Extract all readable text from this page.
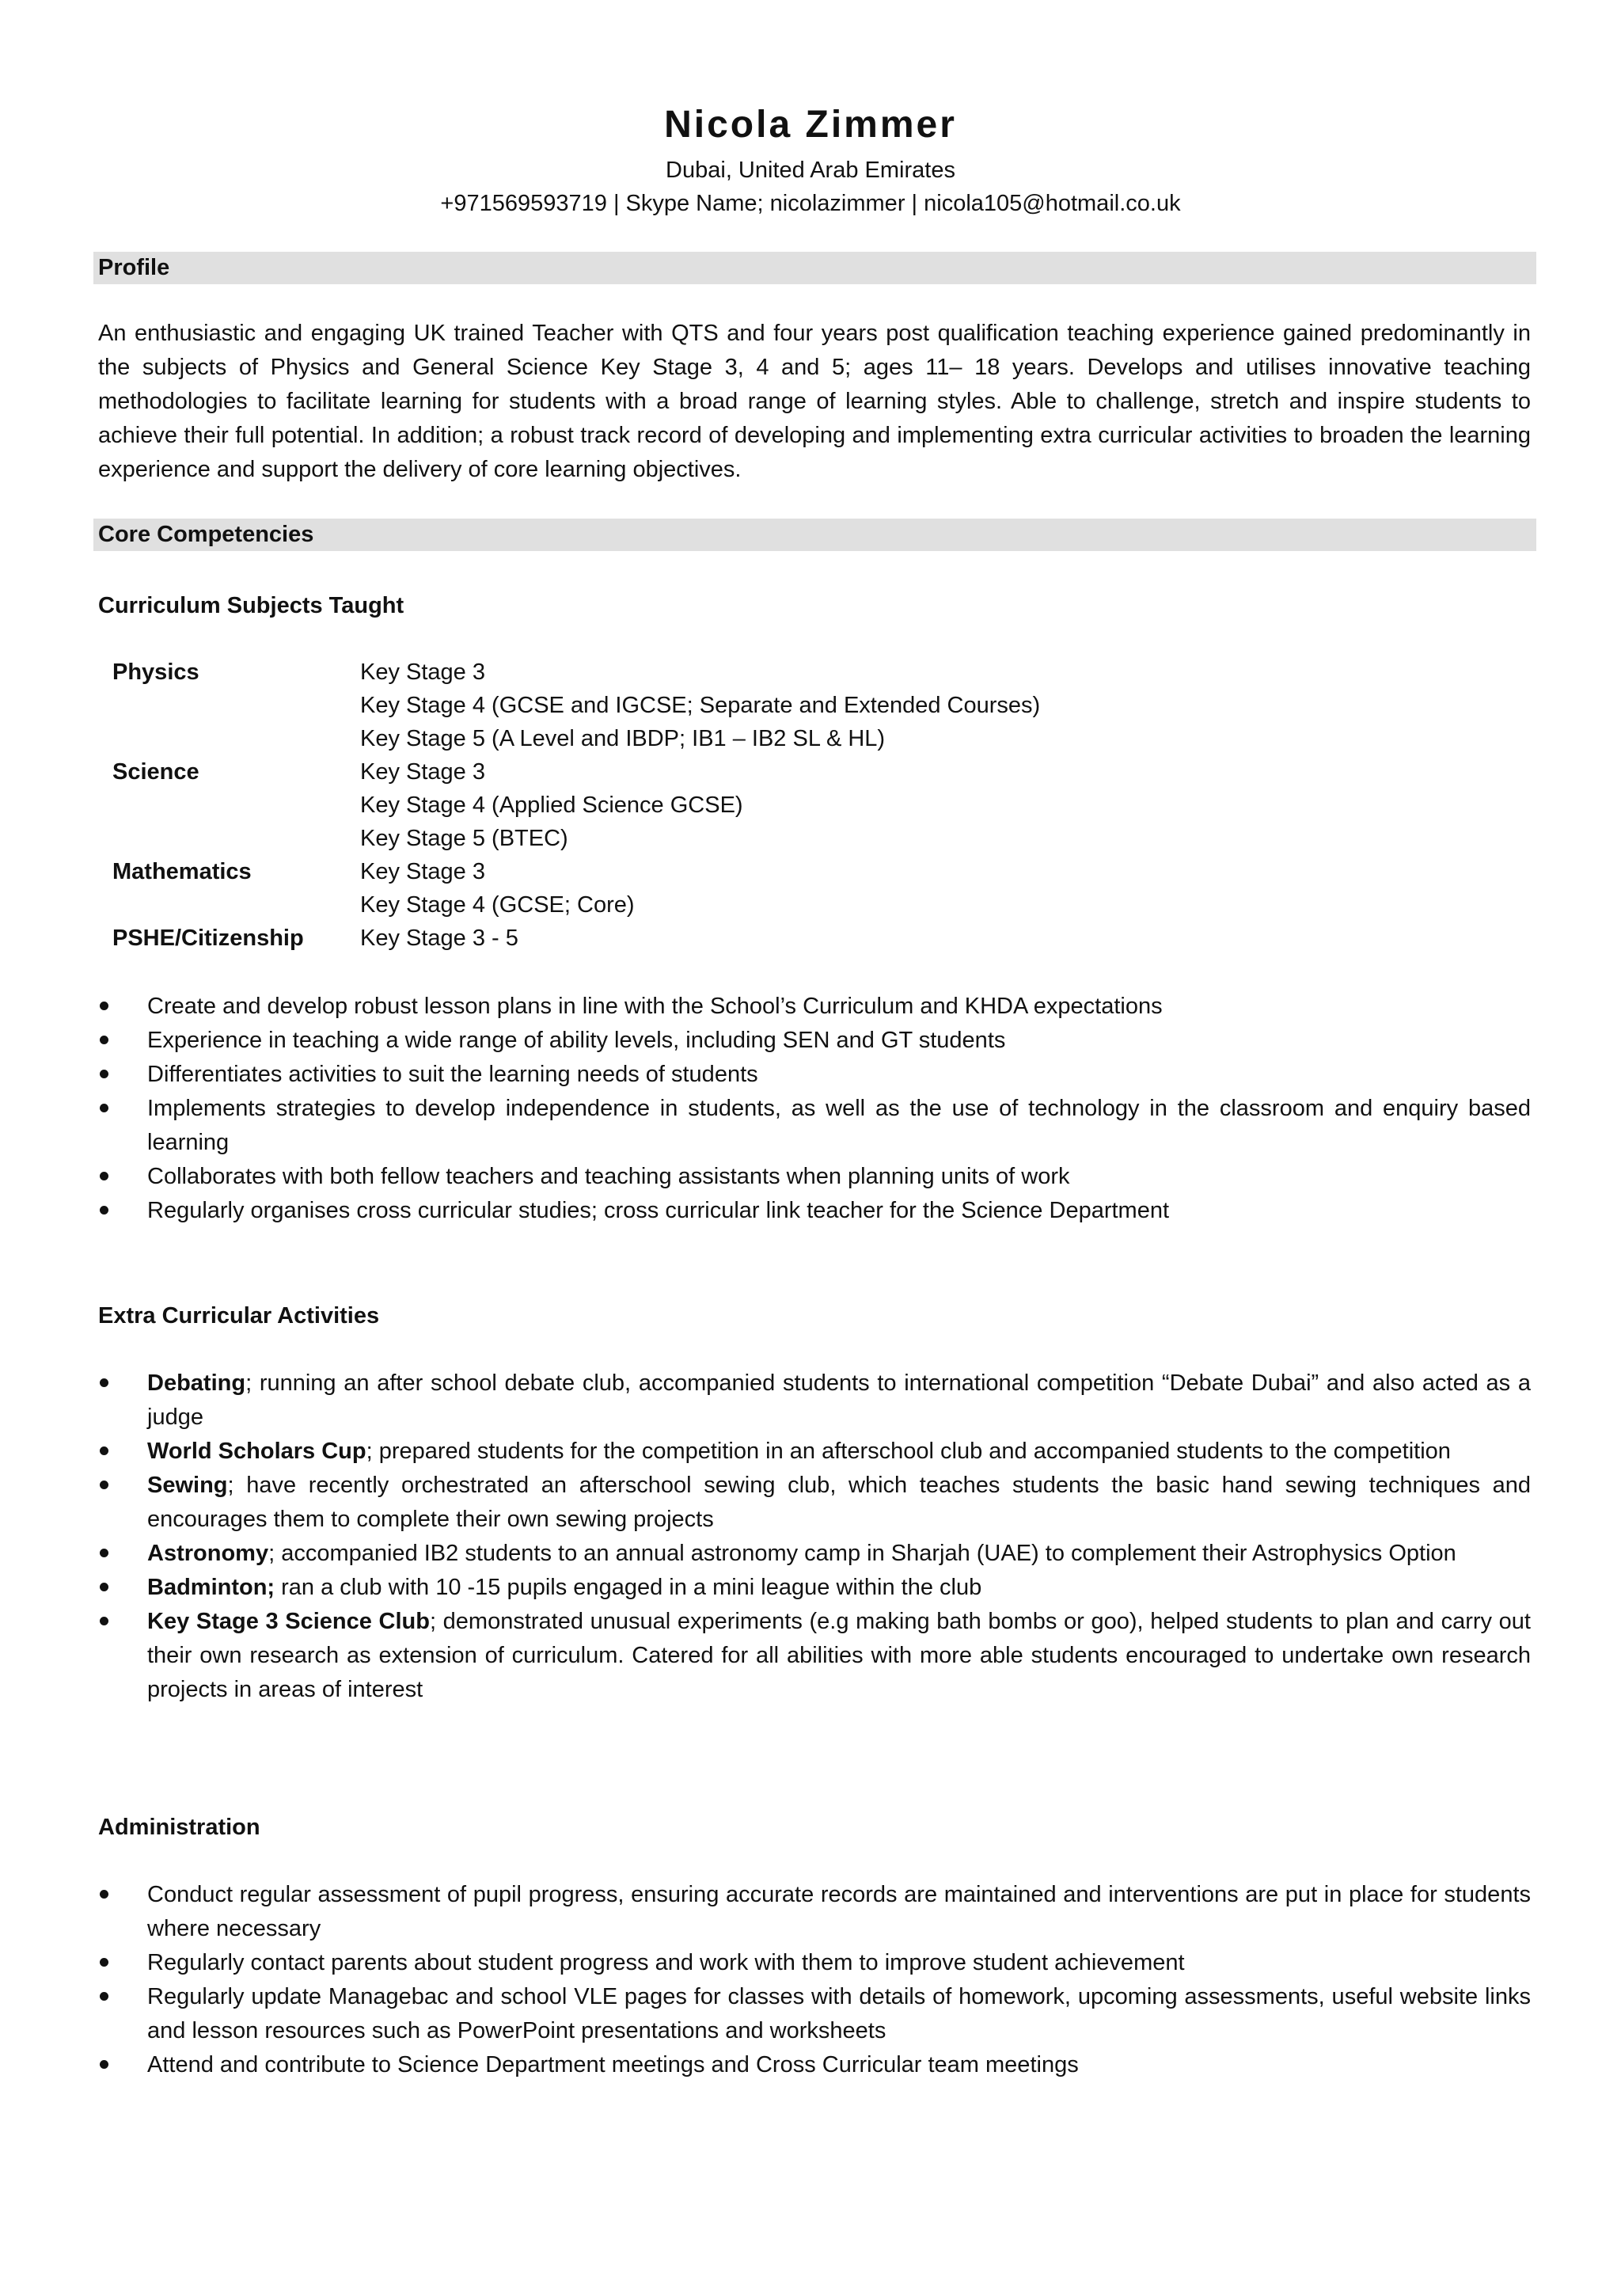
Nicola Zimmer
Dubai, United Arab Emirates
+971569593719 | Skype Name; nicolazimmer | nicola105@hotmail.co.uk
Profile

An enthusiastic and engaging UK trained Teacher with QTS and four years post qualification teaching experience gained predominantly in the subjects of Physics and General Science Key Stage 3, 4 and 5; ages 11– 18 years. Develops and utilises innovative teaching methodologies to facilitate learning for students with a broad range of learning styles. Able to challenge, stretch and inspire students to achieve their full potential. In addition; a robust track record of developing and implementing extra curricular activities to broaden the learning experience and support the delivery of core learning objectives.

Core Competencies
Curriculum Subjects Taught
Physics	Key Stage 3
Key Stage 4 (GCSE and IGCSE; Separate and Extended Courses)
Key Stage 5 (A Level and IBDP; IB1 – IB2 SL & HL)
Science	Key Stage 3
Key Stage 4 (Applied Science GCSE)
Key Stage 5 (BTEC)
Mathematics	Key Stage 3
Key Stage 4 (GCSE; Core)
PSHE/Citizenship Key Stage 3 - 5
Create and develop robust lesson plans in line with the School’s Curriculum and KHDA expectations
Experience in teaching a wide range of ability levels, including SEN and GT students
Differentiates activities to suit the learning needs of students
Implements strategies to develop independence in students, as well as the use of technology in the classroom and enquiry based learning
Collaborates with both fellow teachers and teaching assistants when planning units of work
Regularly organises cross curricular studies; cross curricular link teacher for the Science Department
Extra Curricular Activities
Debating; running an after school debate club, accompanied students to international competition “Debate Dubai” and also acted as a judge
World Scholars Cup; prepared students for the competition in an afterschool club and accompanied students to the competition
Sewing; have recently orchestrated an afterschool sewing club, which teaches students the basic hand sewing techniques and encourages them to complete their own sewing projects
Astronomy; accompanied IB2 students to an annual astronomy camp in Sharjah (UAE) to complement their Astrophysics Option
Badminton; ran a club with 10 -15 pupils engaged in a mini league within the club
Key Stage 3 Science Club; demonstrated unusual experiments (e.g making bath bombs or goo), helped students to plan and carry out their own research as extension of curriculum. Catered for all abilities with more able students encouraged to undertake own research projects in areas of interest
Administration
Conduct regular assessment of pupil progress, ensuring accurate records are maintained and interventions are put in place for students where necessary
Regularly contact parents about student progress and work with them to improve student achievement
Regularly update Managebac and school VLE pages for classes with details of homework, upcoming assessments, useful website links and lesson resources such as PowerPoint presentations and worksheets
Attend and contribute to Science Department meetings and Cross Curricular team meetings
